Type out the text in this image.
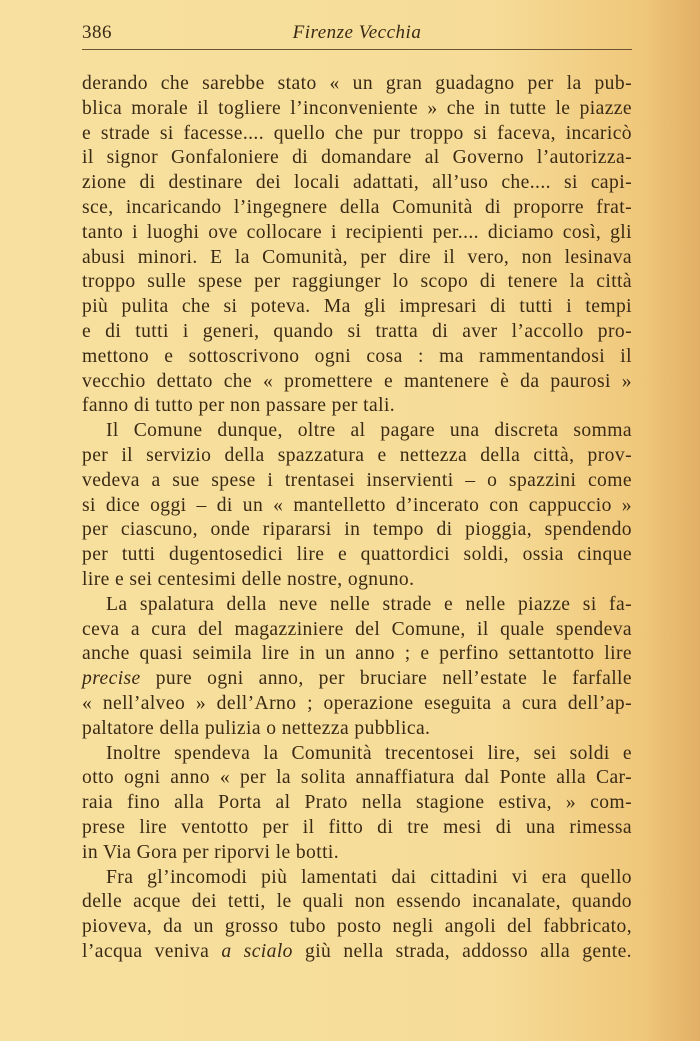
386	Firenze Vecchia
derando che sarebbe stato « un gran guadagno per la pub-
blica morale il togliere l’inconveniente » che in tutte le piazze
e strade si facesse.... quello che pur troppo si faceva, incaricò
il signor Gonfaloniere di domandare al Governo l’autorizza-
zione di destinare dei locali adattati, all’uso che.... si capi-
sce, incaricando l’ingegnere della Comunità di proporre frat-
tanto i luoghi ove collocare i recipienti per.... diciamo così, gli
abusi minori. E la Comunità, per dire il vero, non lesinava
troppo sulle spese per raggiunger lo scopo di tenere la città
più pulita che si poteva. Ma gli impresari di tutti i tempi
e di tutti i generi, quando si tratta di aver l’accollo pro-
mettono e sottoscrivono ogni cosa : ma rammentandosi il
vecchio dettato che « promettere e mantenere è da paurosi »
fanno di tutto per non passare per tali.
Il Comune dunque, oltre al pagare una discreta somma
per il servizio della spazzatura e nettezza della città, prov-
vedeva a sue spese i trentasei inservienti – o spazzini come
si dice oggi – di un « mantelletto d’incerato con cappuccio »
per ciascuno, onde ripararsi in tempo di pioggia, spendendo
per tutti dugentosedici lire e quattordici soldi, ossia cinque
lire e sei centesimi delle nostre, ognuno.
La spalatura della neve nelle strade e nelle piazze si fa-
ceva a cura del magazziniere del Comune, il quale spendeva
anche quasi seimila lire in un anno ; e perfino settantotto lire
precise pure ogni anno, per bruciare nell’estate le farfalle
« nell’alveo » dell’Arno ; operazione eseguita a cura dell’ap-
paltatore della pulizia o nettezza pubblica.
Inoltre spendeva la Comunità trecentosei lire, sei soldi e
otto ogni anno « per la solita annaffiatura dal Ponte alla Car-
raia fino alla Porta al Prato nella stagione estiva, » com-
prese lire ventotto per il fitto di tre mesi di una rimessa
in Via Gora per riporvi le botti.
Fra gl’incomodi più lamentati dai cittadini vi era quello
delle acque dei tetti, le quali non essendo incanalate, quando
pioveva, da un grosso tubo posto negli angoli del fabbricato,
l’acqua veniva a scialo giù nella strada, addosso alla gente.
